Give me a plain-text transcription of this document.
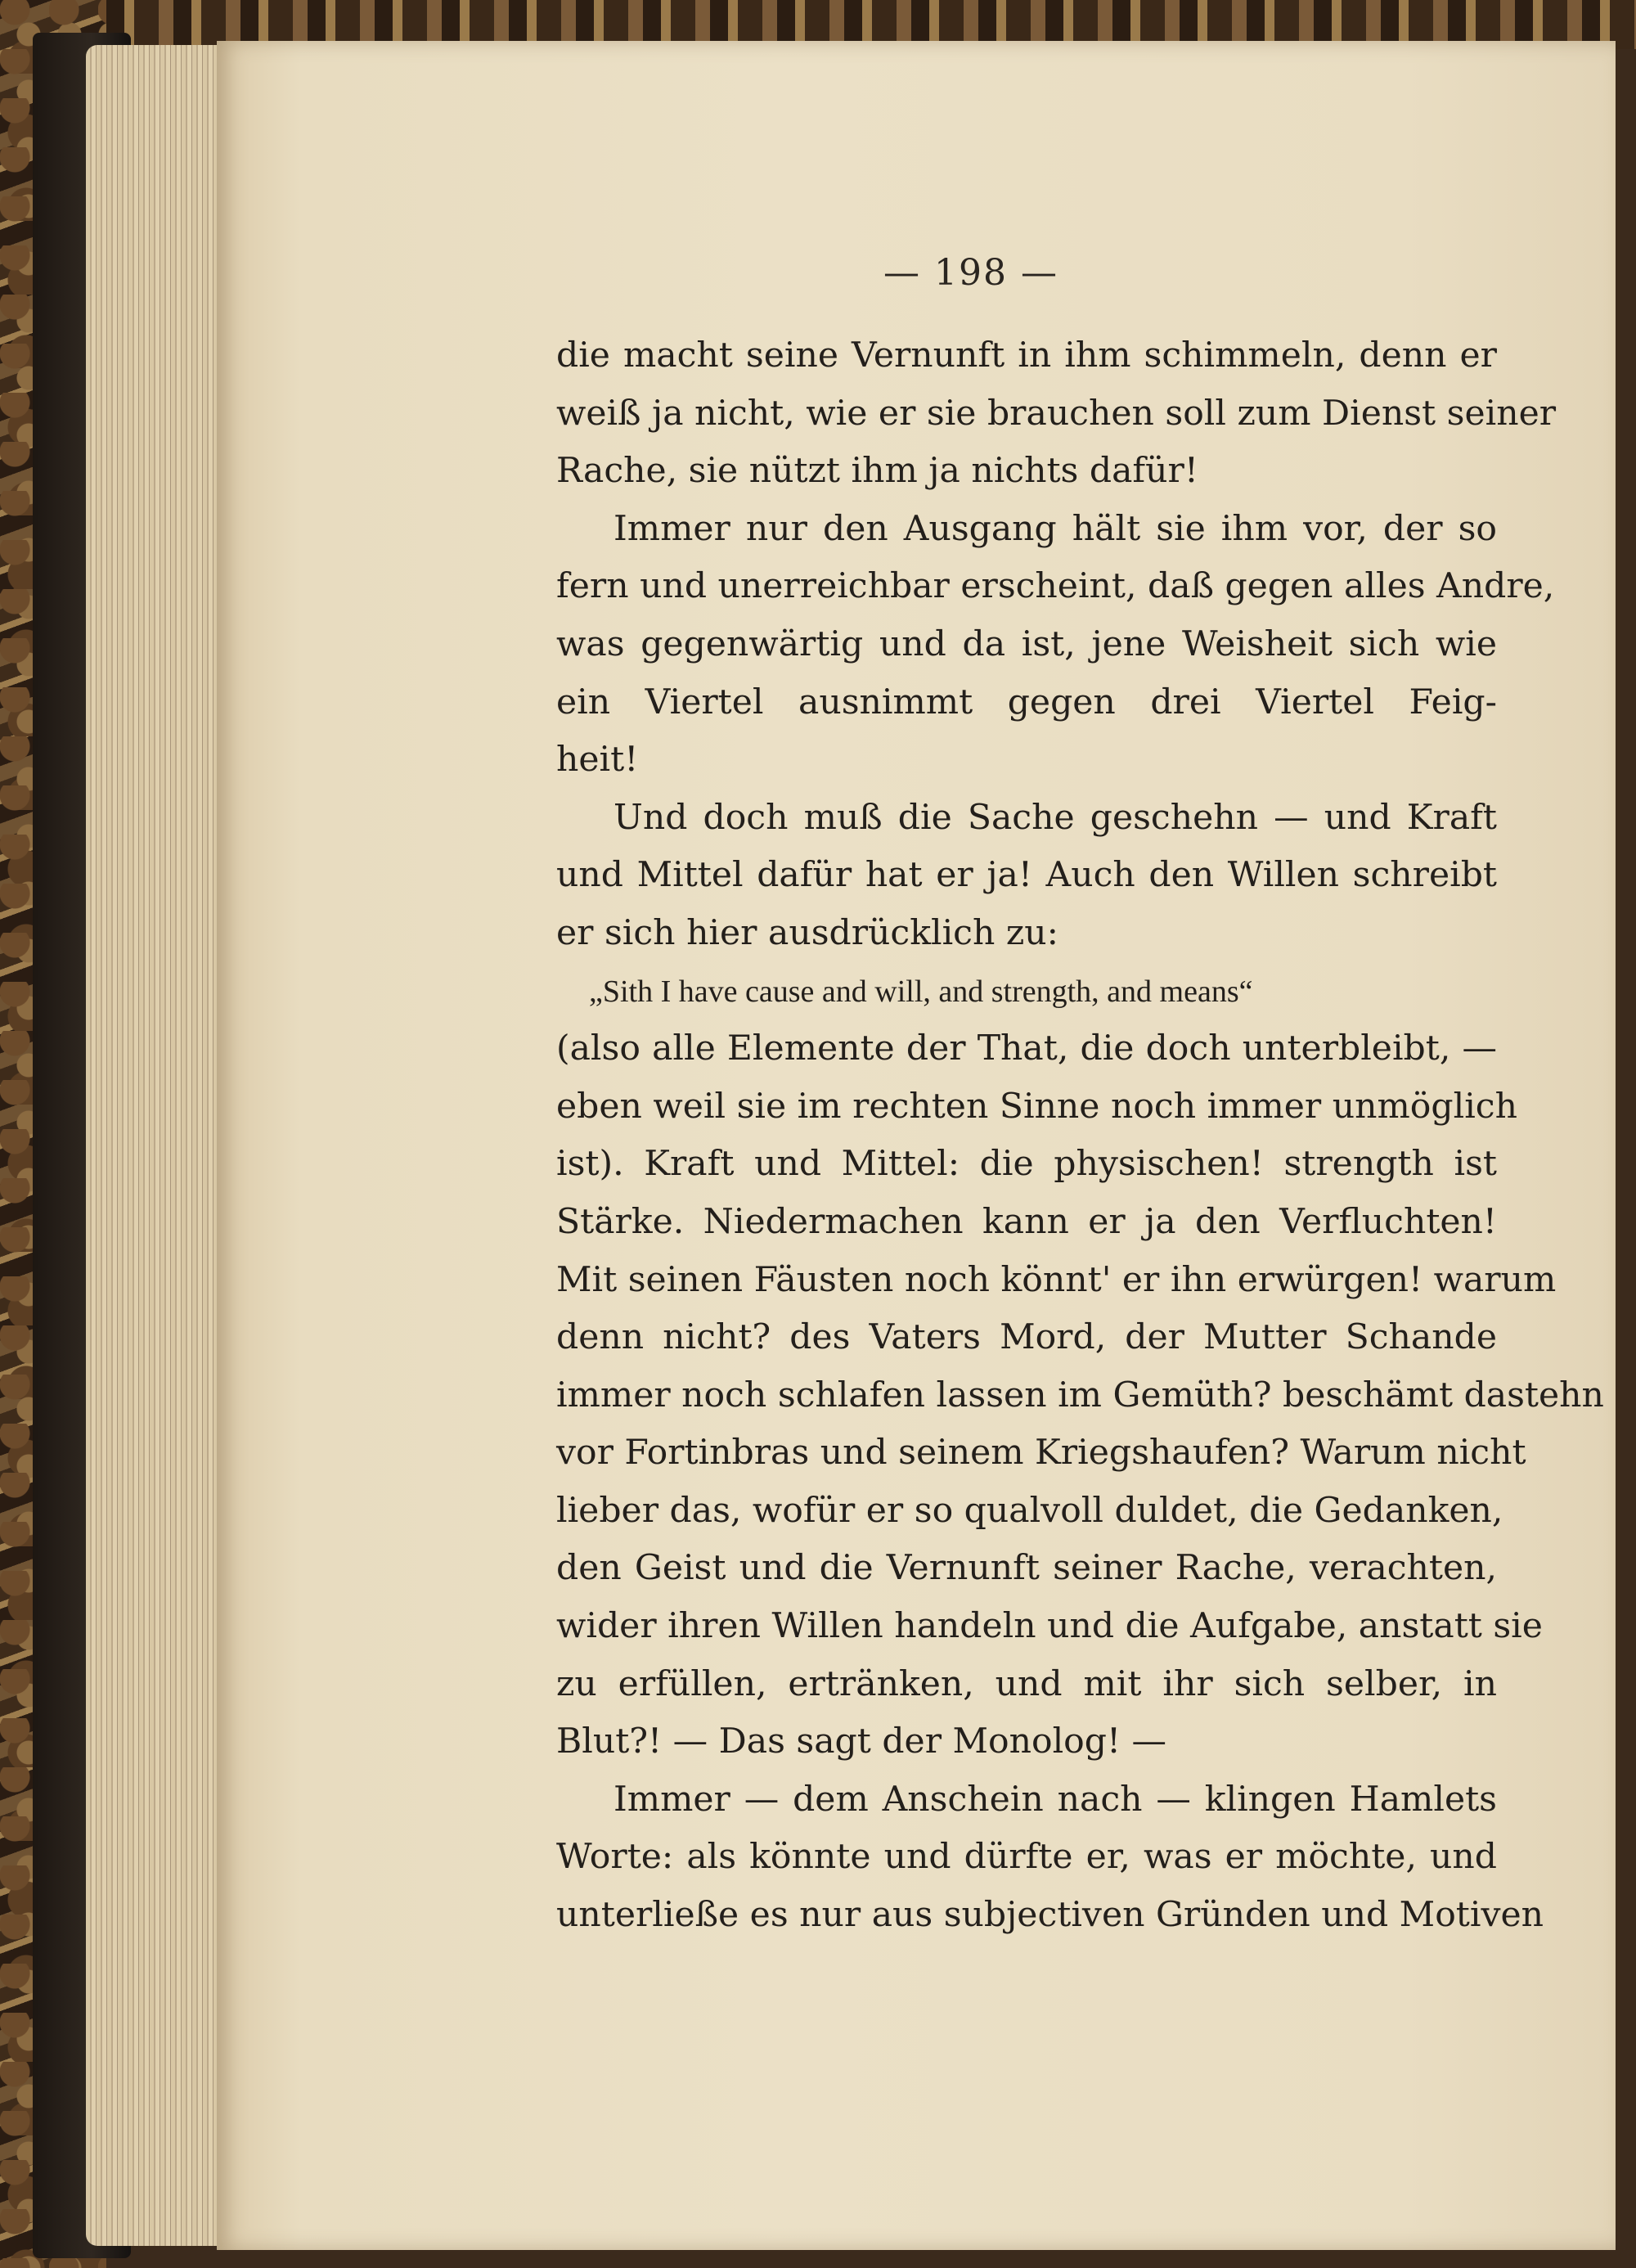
— 198 —
die macht seine Vernunft in ihm schimmeln, denn er
weiß ja nicht, wie er sie brauchen soll zum Dienst seiner
Rache, sie nützt ihm ja nichts dafür!
Immer nur den Ausgang hält sie ihm vor, der so
fern und unerreichbar erscheint, daß gegen alles Andre,
was gegenwärtig und da ist, jene Weisheit sich wie
ein Viertel ausnimmt gegen drei Viertel Feig-
heit!
Und doch muß die Sache geschehn — und Kraft
und Mittel dafür hat er ja! Auch den Willen schreibt
er sich hier ausdrücklich zu:
„Sith I have cause and will, and strength, and means“
(also alle Elemente der That, die doch unterbleibt, —
eben weil sie im rechten Sinne noch immer unmöglich
ist). Kraft und Mittel: die physischen! strength ist
Stärke. Niedermachen kann er ja den Verfluchten!
Mit seinen Fäusten noch könnt' er ihn erwürgen! warum
denn nicht? des Vaters Mord, der Mutter Schande
immer noch schlafen lassen im Gemüth? beschämt dastehn
vor Fortinbras und seinem Kriegshaufen? Warum nicht
lieber das, wofür er so qualvoll duldet, die Gedanken,
den Geist und die Vernunft seiner Rache, verachten,
wider ihren Willen handeln und die Aufgabe, anstatt sie
zu erfüllen, ertränken, und mit ihr sich selber, in
Blut?! — Das sagt der Monolog! —
Immer — dem Anschein nach — klingen Hamlets
Worte: als könnte und dürfte er, was er möchte, und
unterließe es nur aus subjectiven Gründen und Motiven
